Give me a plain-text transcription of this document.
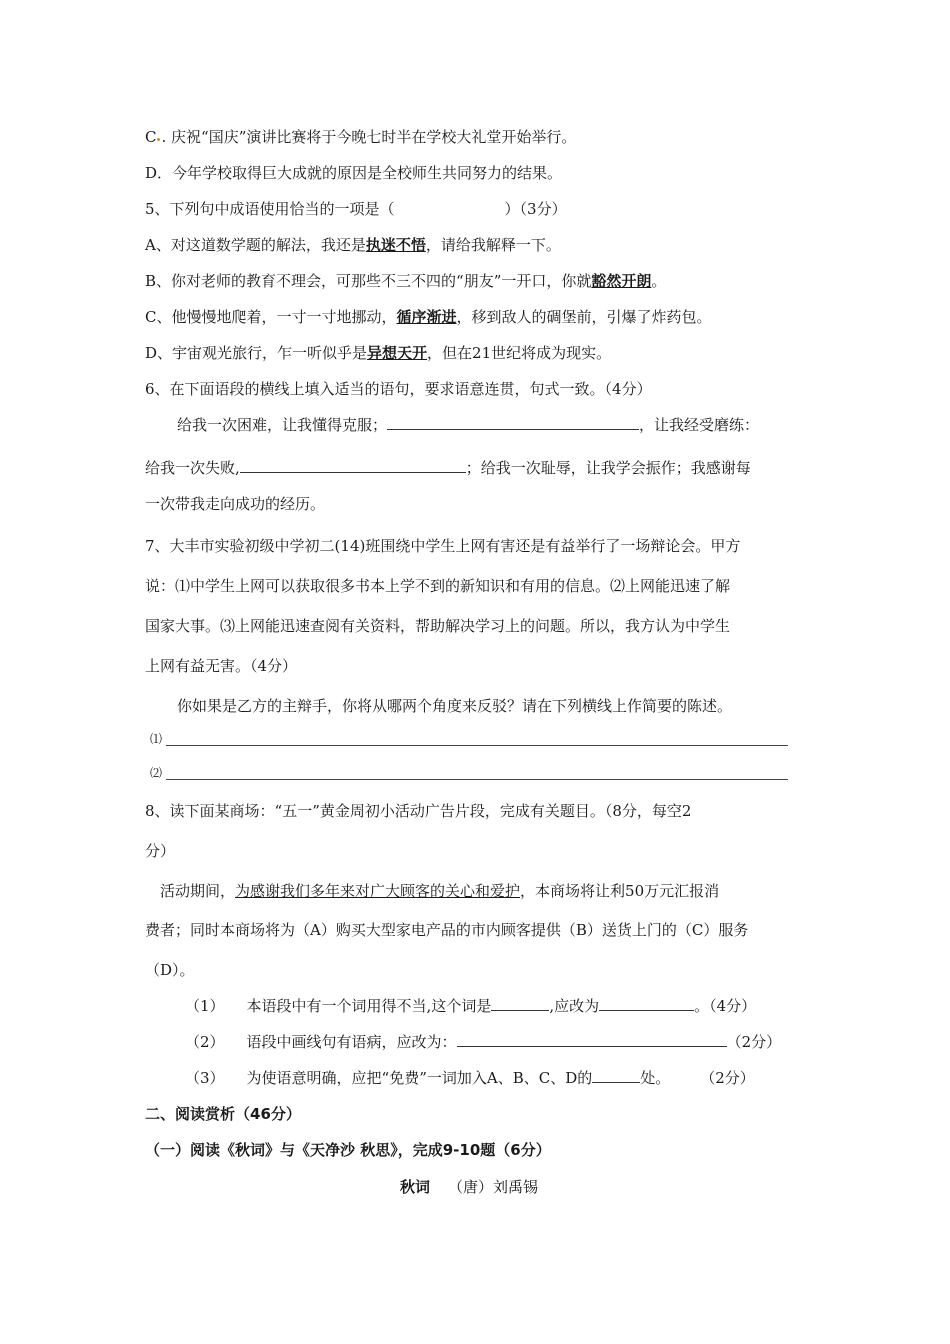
C . 庆祝“国庆”演讲比赛将于今晚七时半在学校大礼堂开始举行。
D．今年学校取得巨大成就的原因是全校师生共同努力的结果。
5、下列句中成语使用恰当的一项是（	）（3分）
A、对这道数学题的解法，我还是执迷不悟，请给我解释一下。
B、你对老师的教育不理会，可那些不三不四的“朋友”一开口，你就豁然开朗。
C、他慢慢地爬着，一寸一寸地挪动，循序渐进，移到敌人的碉堡前，引爆了炸药包。
D、宇宙观光旅行，乍一听似乎是异想天开，但在21世纪将成为现实。
6、在下面语段的横线上填入适当的语句，要求语意连贯，句式一致。（4分）
给我一次困难，让我懂得克服；	，让我经受磨练：
给我一次失败,	；给我一次耻辱，让我学会振作；我感谢每
一次带我走向成功的经历。
7、大丰市实验初级中学初二(14)班围绕中学生上网有害还是有益举行了一场辩论会。甲方
说：⑴中学生上网可以获取很多书本上学不到的新知识和有用的信息。⑵上网能迅速了解
国家大事。⑶上网能迅速查阅有关资料，帮助解决学习上的问题。所以，我方认为中学生
上网有益无害。（4分）
你如果是乙方的主辩手，你将从哪两个角度来反驳？请在下列横线上作简要的陈述。
⑴
⑵
8、读下面某商场：“五一”黄金周初小活动广告片段，完成有关题目。（8分，每空2
分）
活动期间，为感谢我们多年来对广大顾客的关心和爱护，本商场将让利50万元汇报消
费者；同时本商场将为（A）购买大型家电产品的市内顾客提供（B）送货上门的（C）服务
（D）。
（1） 本语段中有一个词用得不当,这个词是	,应改为	。（4分）
（2） 语段中画线句有语病，应改为：	（2分）
（3） 为使语意明确，应把“免费”一词加入A、B、C、D的	处。 （2分）
二、阅读赏析（46分）
（一）阅读《秋词》与《天净沙 秋思》，完成9-10题（6分）
秋词 （唐）刘禹锡
